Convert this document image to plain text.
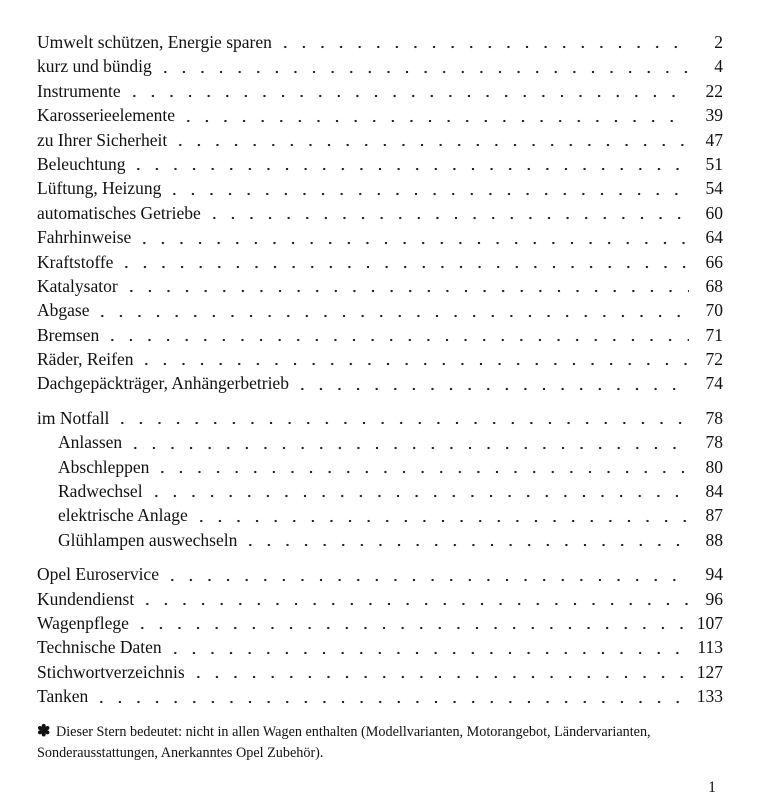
Umwelt schützen, Energie sparen	2
kurz und bündig	4
Instrumente	22
Karosserieelemente	39
zu Ihrer Sicherheit	47
Beleuchtung	51
Lüftung, Heizung	54
automatisches Getriebe	60
Fahrhinweise	64
Kraftstoffe	66
Katalysator	68
Abgase	70
Bremsen	71
Räder, Reifen	72
Dachgepäckträger, Anhängerbetrieb	74
im Notfall	78
Anlassen	78
Abschleppen	80
Radwechsel	84
elektrische Anlage	87
Glühlampen auswechseln	88
Opel Euroservice	94
Kundendienst	96
Wagenpflege	107
Technische Daten	113
Stichwortverzeichnis	127
Tanken	133
✽ Dieser Stern bedeutet: nicht in allen Wagen enthalten (Modellvarianten, Motorangebot, Ländervarianten, Sonderausstattungen, Anerkanntes Opel Zubehör).
1
